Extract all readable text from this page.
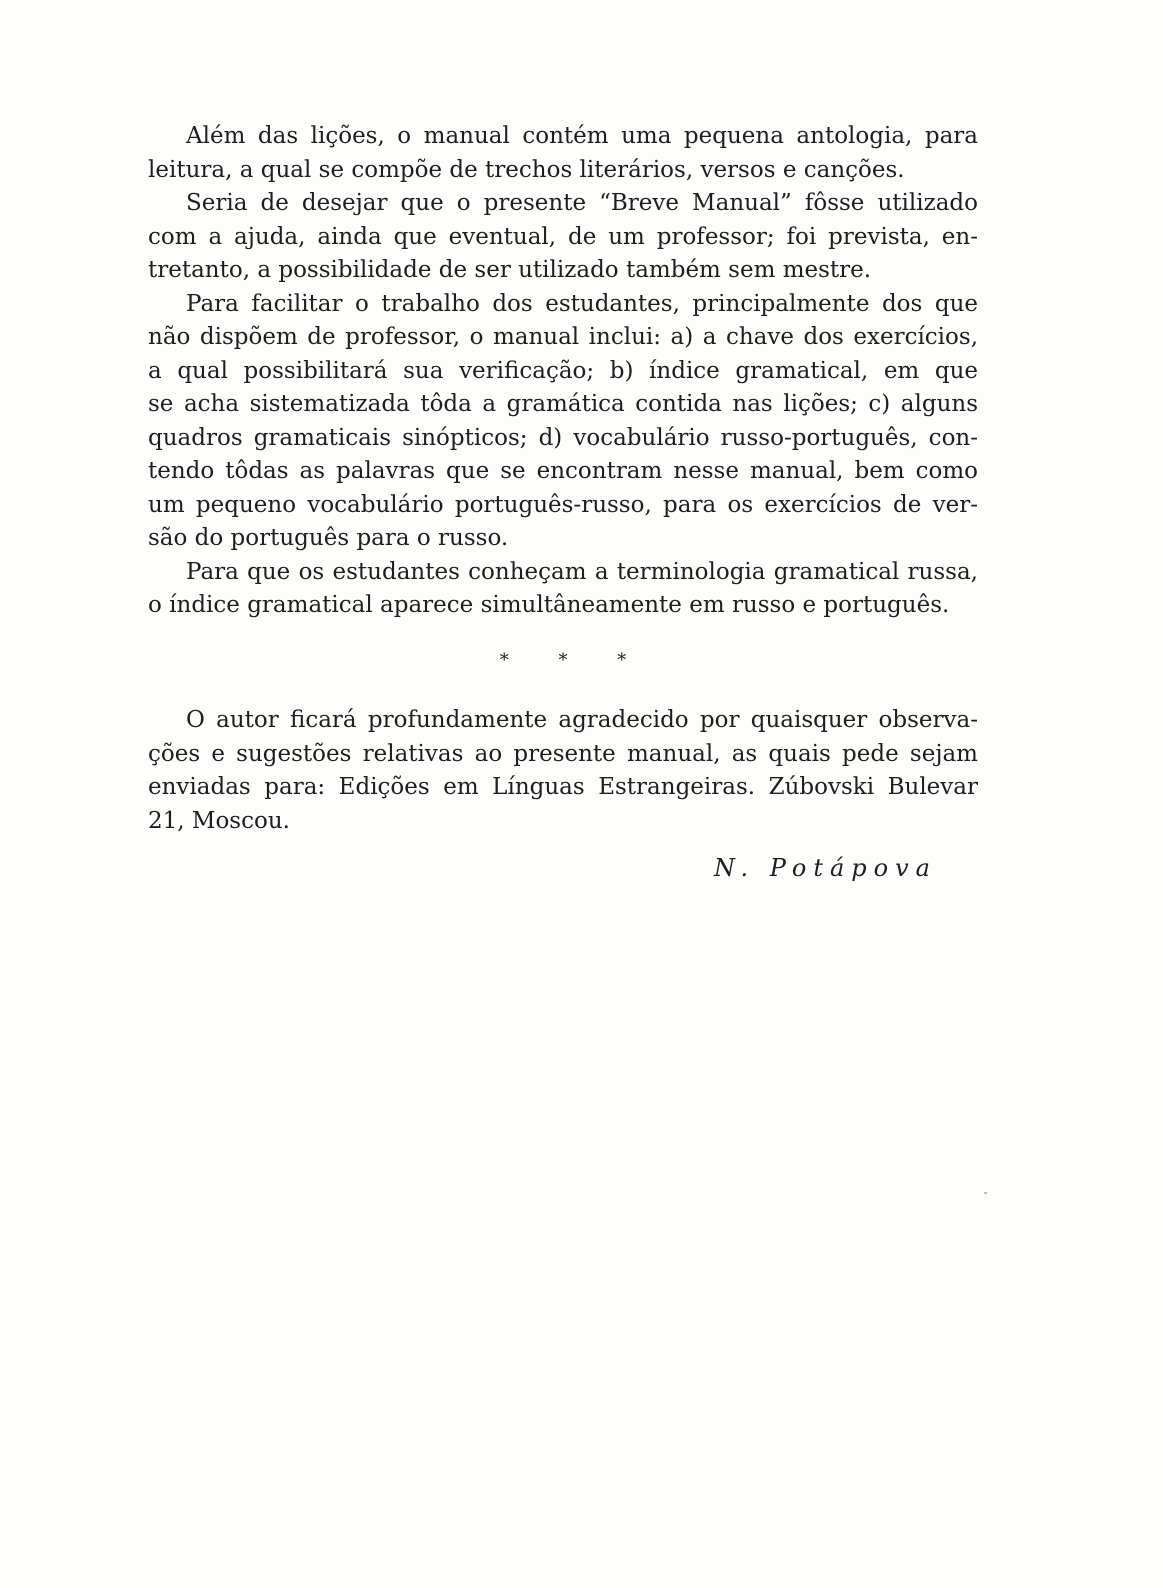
Além das lições, o manual contém uma pequena antologia, para
leitura, a qual se compõe de trechos literários, versos e canções.
Seria de desejar que o presente “Breve Manual” fôsse utilizado
com a ajuda, ainda que eventual, de um professor; foi prevista, en-
tretanto, a possibilidade de ser utilizado também sem mestre.
Para facilitar o trabalho dos estudantes, principalmente dos que
não dispõem de professor, o manual inclui: a) a chave dos exercícios,
a qual possibilitará sua verificação; b) índice gramatical, em que
se acha sistematizada tôda a gramática contida nas lições; c) alguns
quadros gramaticais sinópticos; d) vocabulário russo-português, con-
tendo tôdas as palavras que se encontram nesse manual, bem como
um pequeno vocabulário português-russo, para os exercícios de ver-
são do português para o russo.
Para que os estudantes conheçam a terminologia gramatical russa,
o índice gramatical aparece simultâneamente em russo e português.
* * *
O autor ficará profundamente agradecido por quaisquer observa-
ções e sugestões relativas ao presente manual, as quais pede sejam
enviadas para: Edições em Línguas Estrangeiras. Zúbovski Bulevar
21, Moscou.
N. Potápova
